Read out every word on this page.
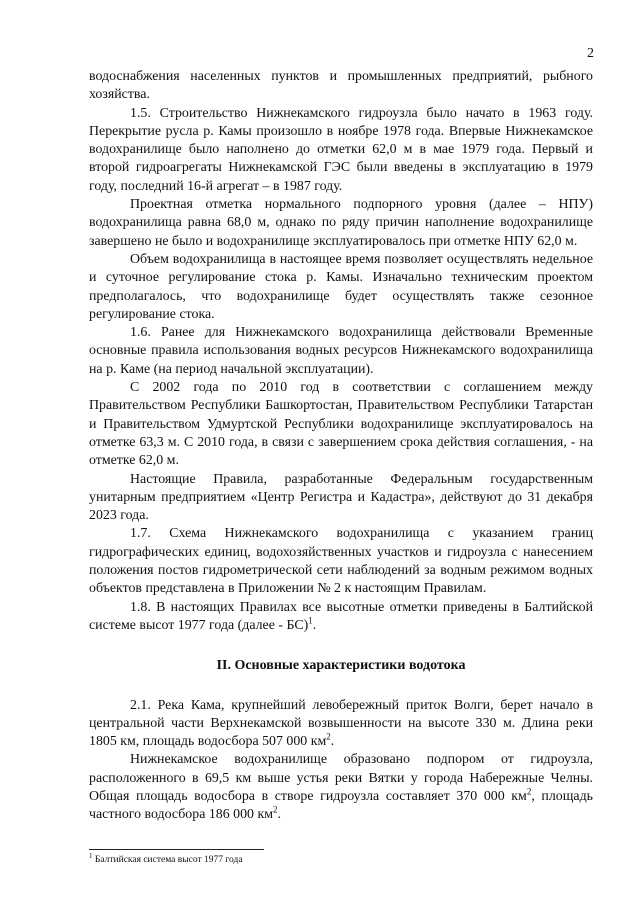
2

водоснабжения населенных пунктов и промышленных предприятий, рыбного хозяйства.

1.5. Строительство Нижнекамского гидроузла было начато в 1963 году. Перекрытие русла р. Камы произошло в ноябре 1978 года. Впервые Нижнекамское водохранилище было наполнено до отметки 62,0 м в мае 1979 года. Первый и второй гидроагрегаты Нижнекамской ГЭС были введены в эксплуатацию в 1979 году, последний 16-й агрегат – в 1987 году.

Проектная отметка нормального подпорного уровня (далее – НПУ) водохранилища равна 68,0 м, однако по ряду причин наполнение водохранилище завершено не было и водохранилище эксплуатировалось при отметке НПУ 62,0 м.

Объем водохранилища в настоящее время позволяет осуществлять недельное и суточное регулирование стока р. Камы. Изначально техническим проектом предполагалось, что водохранилище будет осуществлять также сезонное регулирование стока.

1.6. Ранее для Нижнекамского водохранилища действовали Временные основные правила использования водных ресурсов Нижнекамского водохранилища на р. Каме (на период начальной эксплуатации).

С 2002 года по 2010 год в соответствии с соглашением между Правительством Республики Башкортостан, Правительством Республики Татарстан и Правительством Удмуртской Республики водохранилище эксплуатировалось на отметке 63,3 м. С 2010 года, в связи с завершением срока действия соглашения, - на отметке 62,0 м.

Настоящие Правила, разработанные Федеральным государственным унитарным предприятием «Центр Регистра и Кадастра», действуют до 31 декабря 2023 года.

1.7. Схема Нижнекамского водохранилища с указанием границ гидрографических единиц, водохозяйственных участков и гидроузла с нанесением положения постов гидрометрической сети наблюдений за водным режимом водных объектов представлена в Приложении № 2 к настоящим Правилам.

1.8. В настоящих Правилах все высотные отметки приведены в Балтийской системе высот 1977 года (далее - БС)$^1$.

II. Основные характеристики водотока

2.1. Река Кама, крупнейший левобережный приток Волги, берет начало в центральной части Верхнекамской возвышенности на высоте 330 м. Длина реки 1805 км, площадь водосбора 507 000 $км^2$.

Нижнекамское водохранилище образовано подпором от гидроузла, расположенного в 69,5 км выше устья реки Вятки у города Набережные Челны. Общая площадь водосбора в створе гидроузла составляет 370 000 $км^2$, площадь частного водосбора 186 000 $км^2$.

$^1$ Балтийская система высот 1977 года
